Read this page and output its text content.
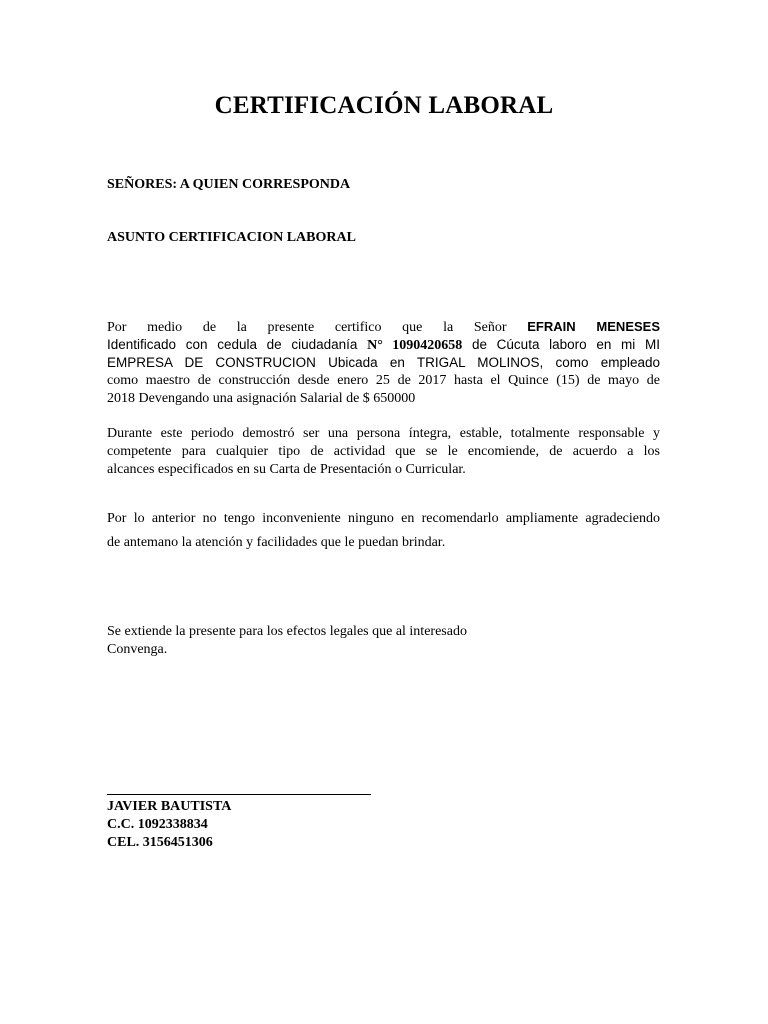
CERTIFICACIÓN LABORAL
SEÑORES: A QUIEN CORRESPONDA
ASUNTO CERTIFICACION LABORAL
Por medio de la presente certifico que la Señor EFRAIN MENESES
Identificado con cedula de ciudadanía N° 1090420658 de Cúcuta laboro en mi MI
EMPRESA DE CONSTRUCION Ubicada en TRIGAL MOLINOS, como empleado
como maestro de construcción desde enero 25 de 2017 hasta el Quince (15) de mayo de
2018 Devengando una asignación Salarial de $ 650000
Durante este periodo demostró ser una persona íntegra, estable, totalmente responsable y
competente para cualquier tipo de actividad que se le encomiende, de acuerdo a los
alcances especificados en su Carta de Presentación o Curricular.
Por lo anterior no tengo inconveniente ninguno en recomendarlo ampliamente agradeciendo
de antemano la atención y facilidades que le puedan brindar.
Se extiende la presente para los efectos legales que al interesado
Convenga.
JAVIER BAUTISTA
C.C. 1092338834
CEL. 3156451306
